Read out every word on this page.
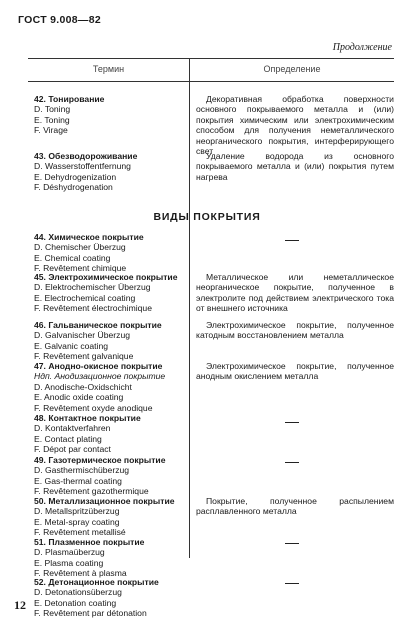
ГОСТ 9.008—82
Продолжение
Термин	Определение
ВИДЫ ПОКРЫТИЯ
42. Тонирование
D. Toning
E. Toning
F. Virage
Декоративная обработка поверхности основного покрываемого металла и (или) покрытия химическим или электрохимическим способом для получения неметаллического неорганического покрытия, интерферирующего свет
43. Обезводороживание
D. Wasserstoffentfernung
E. Dehydrogenization
F. Déshydrogenation
Удаление водорода из основного покрываемого металла и (или) покрытия путем нагрева
44. Химическое покрытие
D. Chemischer Überzug
E. Chemical coating
F. Revêtement chimique
45. Электрохимическое покрытие
D. Elektrochemischer Überzug
E. Electrochemical coating
F. Revêtement électrochimique
Металлическое или неметаллическое неорганическое покрытие, полученное в электролите под действием электрического тока от внешнего источника
46. Гальваническое покрытие
D. Galvanischer Überzug
E. Galvanic coating
F. Revêtement galvanique
Электрохимическое покрытие, полученное катодным восстановлением металла
47. Анодно-окисное покрытие
Ндп. Анодизационное покрытие
D. Anodische-Oxidschicht
E. Anodic oxide coating
F. Revêtement oxyde anodique
Электрохимическое покрытие, полученное анодным окислением металла
48. Контактное покрытие
D. Kontaktverfahren
E. Contact plating
F. Dépot par contact
49. Газотермическое покрытие
D. Gasthermischüberzug
E. Gas-thermal coating
F. Revêtement gazothermique
50. Металлизационное покрытие
D. Metallspritzüberzug
E. Metal-spray coating
F. Revêtement metallisé
Покрытие, полученное распылением расплавленного металла
51. Плазменное покрытие
D. Plasmaüberzug
E. Plasma coating
F. Revêtement à plasma
52. Детонационное покрытие
D. Detonationsüberzug
E. Detonation coating
F. Revêtement par détonation
12
